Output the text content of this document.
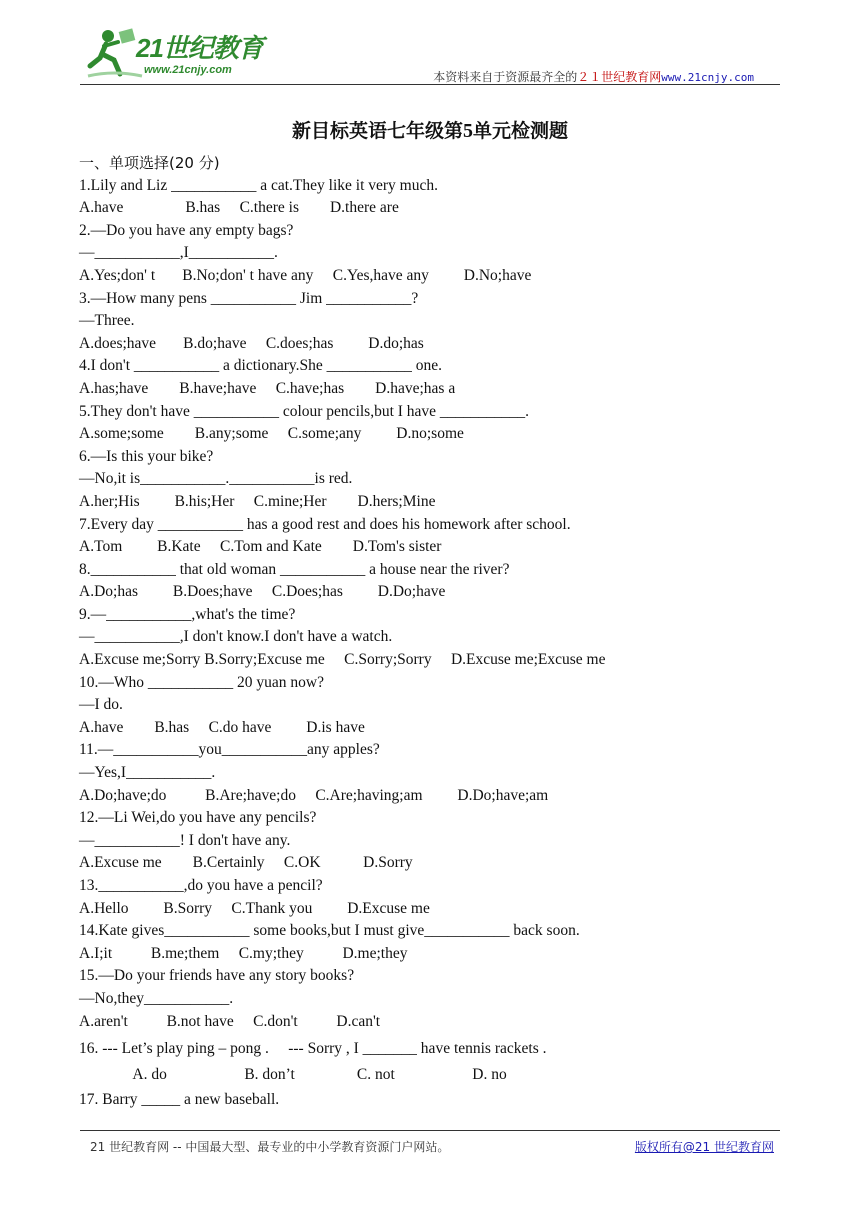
21世纪教育
www.21cnjy.com	本资料来自于资源最齐全的２１世纪教育网www.21cnjy.com
新目标英语七年级第5单元检测题
一、单项选择(20 分)
1.Lily and Liz ___________ a cat.They like it very much.
A.have                B.has     C.there is        D.there are
2.—Do you have any empty bags?
—___________,I___________.
A.Yes;don' t       B.No;don' t have any     C.Yes,have any         D.No;have
3.—How many pens ___________ Jim ___________?
—Three.
A.does;have       B.do;have     C.does;has         D.do;has
4.I don't ___________ a dictionary.She ___________ one.
A.has;have        B.have;have     C.have;has        D.have;has a
5.They don't have ___________ colour pencils,but I have ___________.
A.some;some        B.any;some     C.some;any         D.no;some
6.—Is this your bike?
—No,it is___________.___________is red.
A.her;His         B.his;Her     C.mine;Her        D.hers;Mine
7.Every day ___________ has a good rest and does his homework after school.
A.Tom         B.Kate     C.Tom and Kate        D.Tom's sister
8.___________ that old woman ___________ a house near the river?
A.Do;has         B.Does;have     C.Does;has         D.Do;have
9.—___________,what's the time?
—___________,I don't know.I don't have a watch.
A.Excuse me;Sorry B.Sorry;Excuse me     C.Sorry;Sorry     D.Excuse me;Excuse me
10.—Who ___________ 20 yuan now?
—I do.
A.have        B.has     C.do have         D.is have
11.—___________you___________any apples?
—Yes,I___________.
A.Do;have;do          B.Are;have;do     C.Are;having;am         D.Do;have;am
12.—Li Wei,do you have any pencils?
—___________! I don't have any.
A.Excuse me        B.Certainly     C.OK           D.Sorry
13.___________,do you have a pencil?
A.Hello         B.Sorry     C.Thank you         D.Excuse me
14.Kate gives___________ some books,but I must give___________ back soon.
A.I;it          B.me;them     C.my;they          D.me;they
15.—Do your friends have any story books?
—No,they___________.
A.aren't          B.not have     C.don't          D.can't
16. --- Let’s play ping – pong .     --- Sorry , I _______ have tennis rackets .
A. do                    B. don’t                C. not                    D. no
17. Barry _____ a new baseball.
21 世纪教育网 -- 中国最大型、最专业的中小学教育资源门户网站。	版权所有@21 世纪教育网
